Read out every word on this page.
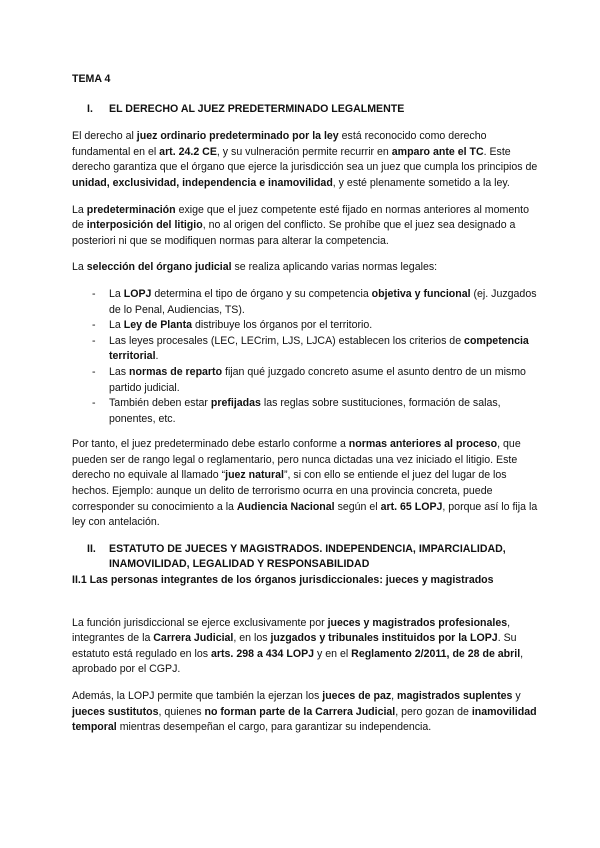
TEMA 4

I.	EL DERECHO AL JUEZ PREDETERMINADO LEGALMENTE

El derecho al juez ordinario predeterminado por la ley está reconocido como derecho fundamental en el art. 24.2 CE, y su vulneración permite recurrir en amparo ante el TC. Este derecho garantiza que el órgano que ejerce la jurisdicción sea un juez que cumpla los principios de unidad, exclusividad, independencia e inamovilidad, y esté plenamente sometido a la ley.

La predeterminación exige que el juez competente esté fijado en normas anteriores al momento de interposición del litigio, no al origen del conflicto. Se prohíbe que el juez sea designado a posteriori ni que se modifiquen normas para alterar la competencia.

La selección del órgano judicial se realiza aplicando varias normas legales:

-	La LOPJ determina el tipo de órgano y su competencia objetiva y funcional (ej. Juzgados de lo Penal, Audiencias, TS).
-	La Ley de Planta distribuye los órganos por el territorio.
-	Las leyes procesales (LEC, LECrim, LJS, LJCA) establecen los criterios de competencia territorial.
-	Las normas de reparto fijan qué juzgado concreto asume el asunto dentro de un mismo partido judicial.
-	También deben estar prefijadas las reglas sobre sustituciones, formación de salas, ponentes, etc.

Por tanto, el juez predeterminado debe estarlo conforme a normas anteriores al proceso, que pueden ser de rango legal o reglamentario, pero nunca dictadas una vez iniciado el litigio. Este derecho no equivale al llamado “juez natural”, si con ello se entiende el juez del lugar de los hechos. Ejemplo: aunque un delito de terrorismo ocurra en una provincia concreta, puede corresponder su conocimiento a la Audiencia Nacional según el art. 65 LOPJ, porque así lo fija la ley con antelación.

II.	ESTATUTO DE JUECES Y MAGISTRADOS. INDEPENDENCIA, IMPARCIALIDAD, INAMOVILIDAD, LEGALIDAD Y RESPONSABILIDAD

II.1 Las personas integrantes de los órganos jurisdiccionales: jueces y magistrados

La función jurisdiccional se ejerce exclusivamente por jueces y magistrados profesionales, integrantes de la Carrera Judicial, en los juzgados y tribunales instituidos por la LOPJ. Su estatuto está regulado en los arts. 298 a 434 LOPJ y en el Reglamento 2/2011, de 28 de abril, aprobado por el CGPJ.

Además, la LOPJ permite que también la ejerzan los jueces de paz, magistrados suplentes y jueces sustitutos, quienes no forman parte de la Carrera Judicial, pero gozan de inamovilidad temporal mientras desempeñan el cargo, para garantizar su independencia.
